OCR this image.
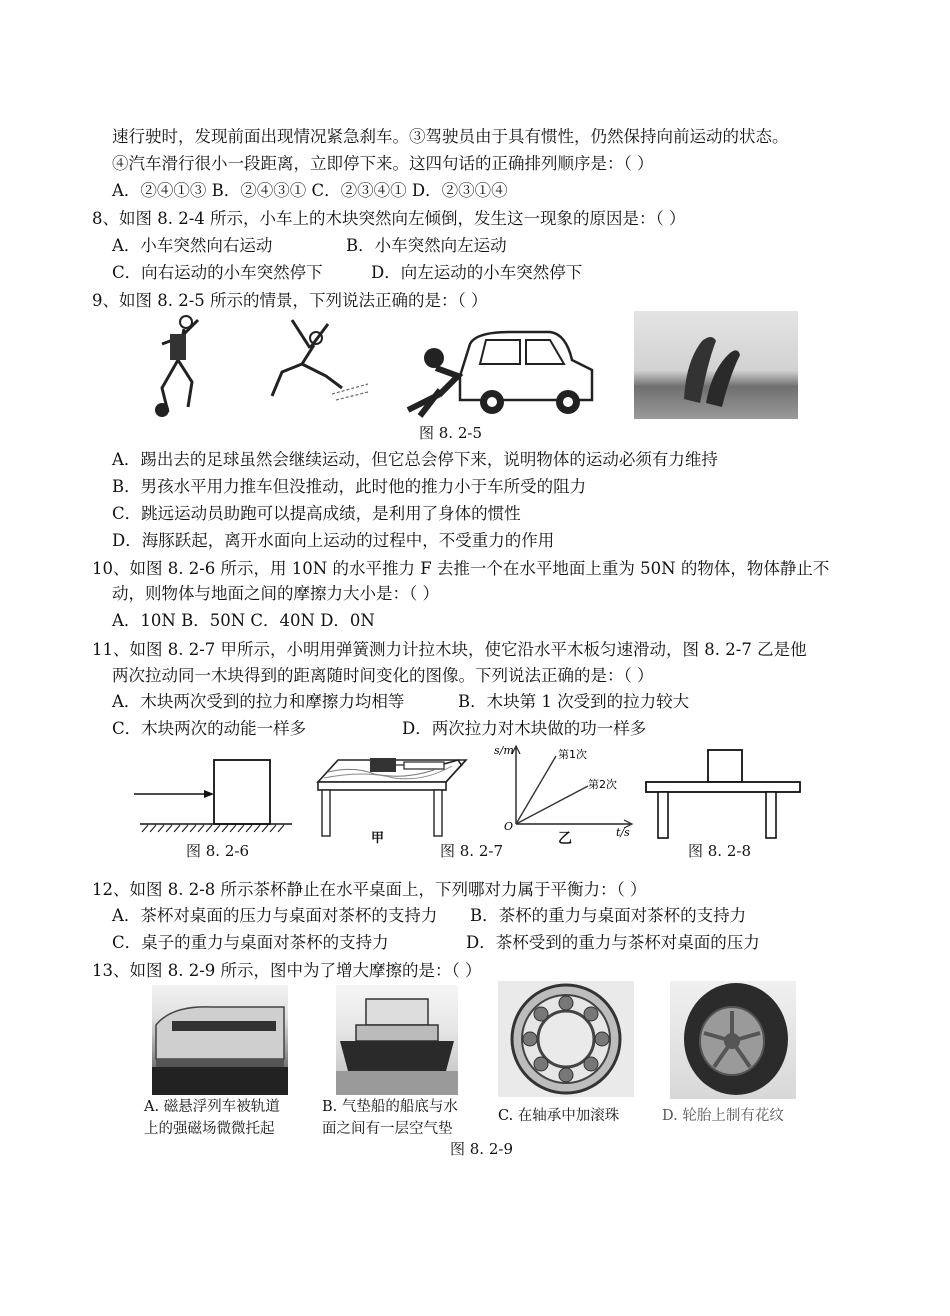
速行驶时，发现前面出现情况紧急刹车。③驾驶员由于具有惯性，仍然保持向前运动的状态。
④汽车滑行很小一段距离，立即停下来。这四句话的正确排列顺序是：（ ）
A．②④①③ B．②④③① C．②③④① D．②③①④
8、如图 8. 2-4 所示，小车上的木块突然向左倾倒，发生这一现象的原因是：（ ）
A．小车突然向右运动	B．小车突然向左运动
C．向右运动的小车突然停下	D．向左运动的小车突然停下
9、如图 8. 2-5 所示的情景，下列说法正确的是：（ ）
图 8. 2-5
A．踢出去的足球虽然会继续运动，但它总会停下来，说明物体的运动必须有力维持
B．男孩水平用力推车但没推动，此时他的推力小于车所受的阻力
C．跳远运动员助跑可以提高成绩，是利用了身体的惯性
D．海豚跃起，离开水面向上运动的过程中，不受重力的作用
10、如图 8. 2-6 所示，用 10N 的水平推力 F 去推一个在水平地面上重为 50N 的物体，物体静止不
动，则物体与地面之间的摩擦力大小是：（ ）
A．10N B．50N C．40N D．0N
11、如图 8. 2-7 甲所示，小明用弹簧测力计拉木块，使它沿水平木板匀速滑动，图 8. 2-7 乙是他
两次拉动同一木块得到的距离随时间变化的图像。下列说法正确的是：（ ）
A．木块两次受到的拉力和摩擦力均相等	B．木块第 1 次受到的拉力较大
C．木块两次的动能一样多	D．两次拉力对木块做的功一样多
图 8. 2-6
甲
s/m
t/s
O
第1次
第2次
乙
图 8. 2-7	图 8. 2-8
12、如图 8. 2-8 所示茶杯静止在水平桌面上，下列哪对力属于平衡力：（ ）
A．茶杯对桌面的压力与桌面对茶杯的支持力 B．茶杯的重力与桌面对茶杯的支持力
C．桌子的重力与桌面对茶杯的支持力	D．茶杯受到的重力与茶杯对桌面的压力
13、如图 8. 2-9 所示，图中为了增大摩擦的是：（ ）
A. 磁悬浮列车被轨道
上的强磁场微微托起
B. 气垫船的船底与水
面之间有一层空气垫
C. 在轴承中加滚珠	D. 轮胎上制有花纹
图 8. 2-9
